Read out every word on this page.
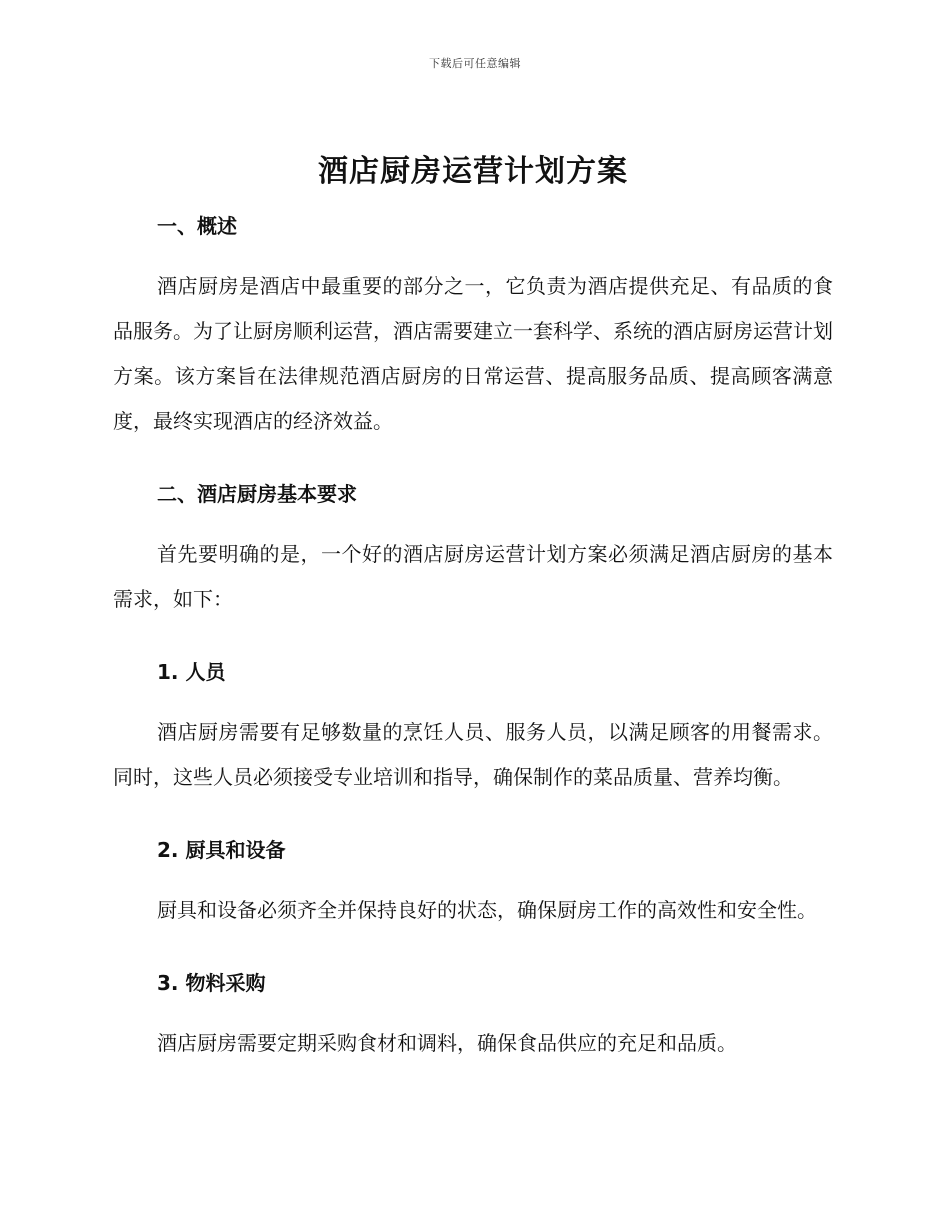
下载后可任意编辑
酒店厨房运营计划方案
一、概述

酒店厨房是酒店中最重要的部分之一，它负责为酒店提供充足、有品质的食品服务。为了让厨房顺利运营，酒店需要建立一套科学、系统的酒店厨房运营计划方案。该方案旨在法律规范酒店厨房的日常运营、提高服务品质、提高顾客满意度，最终实现酒店的经济效益。

二、酒店厨房基本要求

首先要明确的是，一个好的酒店厨房运营计划方案必须满足酒店厨房的基本需求，如下：

1. 人员

酒店厨房需要有足够数量的烹饪人员、服务人员，以满足顾客的用餐需求。同时，这些人员必须接受专业培训和指导，确保制作的菜品质量、营养均衡。

2. 厨具和设备

厨具和设备必须齐全并保持良好的状态，确保厨房工作的高效性和安全性。

3. 物料采购

酒店厨房需要定期采购食材和调料，确保食品供应的充足和品质。
